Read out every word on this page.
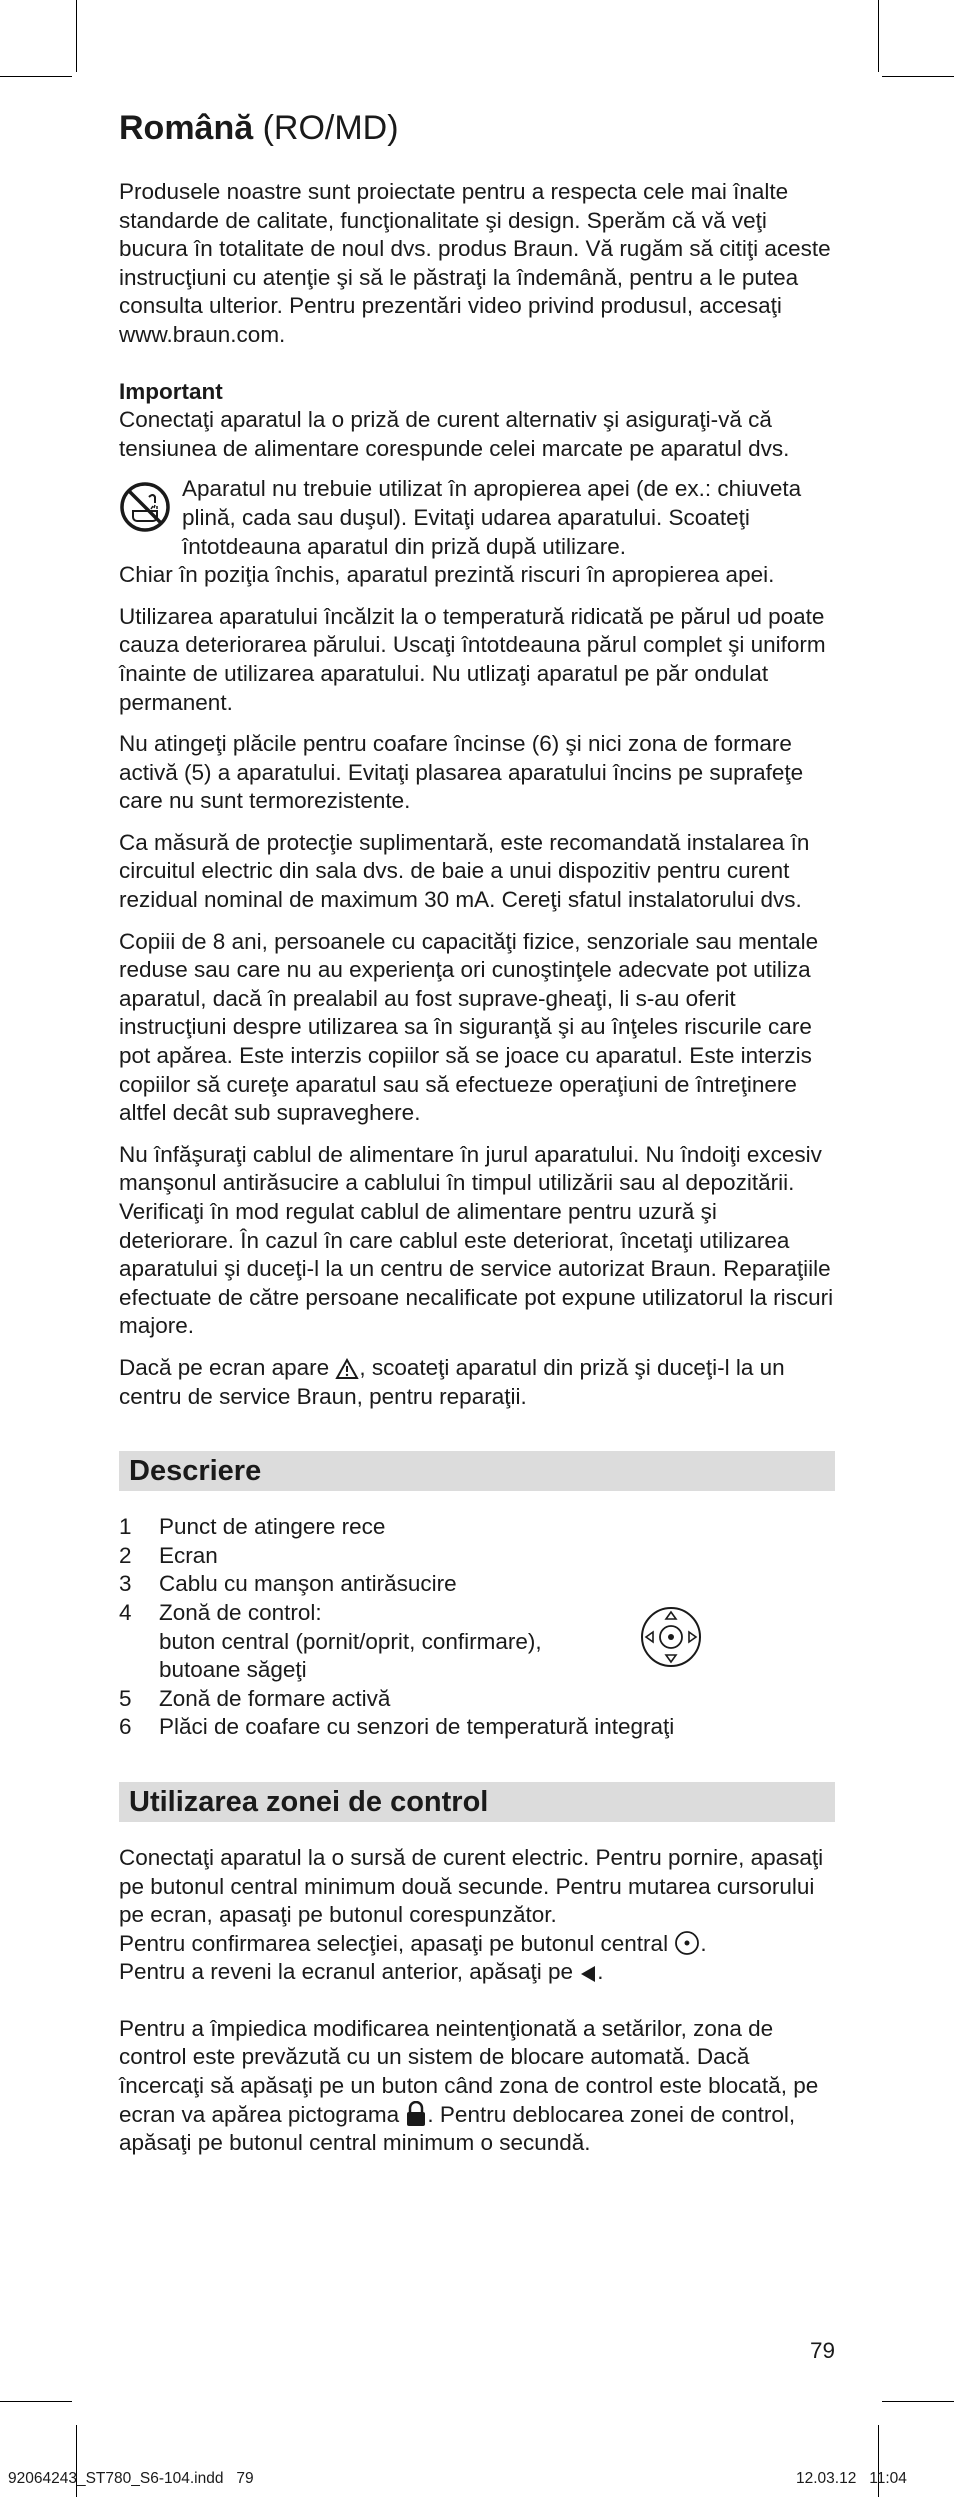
Română (RO/MD)

Produsele noastre sunt proiectate pentru a respecta cele mai înalte standarde de calitate, funcţionalitate şi design. Sperăm că vă veţi bucura în totalitate de noul dvs. produs Braun. Vă rugăm să citiţi aceste instrucţiuni cu atenţie şi să le păstraţi la îndemână, pentru a le putea consulta ulterior. Pentru prezentări video privind produsul, accesaţi www.braun.com.

Important

Conectaţi aparatul la o priză de curent alternativ şi asiguraţi-vă că tensiunea de alimentare corespunde celei marcate pe aparatul dvs.

Aparatul nu trebuie utilizat în apropierea apei (de ex.: chiuveta plină, cada sau duşul). Evitaţi udarea aparatului. Scoateţi întotdeauna aparatul din priză după utilizare.

Chiar în poziţia închis, aparatul prezintă riscuri în apropierea apei.

Utilizarea aparatului încălzit la o temperatură ridicată pe părul ud poate cauza deteriorarea părului. Uscaţi întotdeauna părul complet şi uniform înainte de utilizarea aparatului. Nu utlizaţi aparatul pe păr ondulat permanent.

Nu atingeţi plăcile pentru coafare încinse (6) şi nici zona de formare activă (5) a aparatului. Evitaţi plasarea aparatului încins pe suprafeţe care nu sunt termorezistente.

Ca măsură de protecţie suplimentară, este recomandată instalarea în circuitul electric din sala dvs. de baie a unui dispozitiv pentru curent rezidual nominal de maximum 30 mA. Cereţi sfatul instalatorului dvs.

Copiii de 8 ani, persoanele cu capacităţi fizice, senzoriale sau mentale reduse sau care nu au experienţa ori cunoştinţele adecvate pot utiliza aparatul, dacă în prealabil au fost suprave-gheaţi, li s-au oferit instrucţiuni despre utilizarea sa în siguranţă şi au înţeles riscurile care pot apărea. Este interzis copiilor să se joace cu aparatul. Este interzis copiilor să cureţe aparatul sau să efectueze operaţiuni de întreţinere altfel decât sub supraveghere.

Nu înfăşuraţi cablul de alimentare în jurul aparatului. Nu îndoiţi excesiv manşonul antirăsucire a cablului în timpul utilizării sau al depozitării.

Verificaţi în mod regulat cablul de alimentare pentru uzură şi deteriorare. În cazul în care cablul este deteriorat, încetaţi utilizarea aparatului şi duceţi-l la un centru de service autorizat Braun. Reparaţiile efectuate de către persoane necalificate pot expune utilizatorul la riscuri majore.

Dacă pe ecran apare , scoateţi aparatul din priză şi duceţi-l la un centru de service Braun, pentru reparaţii.

Descriere
1	Punct de atingere rece
2	Ecran
3	Cablu cu manşon antirăsucire
4	Zonă de control:
buton central (pornit/oprit, confirmare),
butoane săgeţi
5	Zonă de formare activă
6	Plăci de coafare cu senzori de temperatură integraţi
Utilizarea zonei de control

Conectaţi aparatul la o sursă de curent electric. Pentru pornire, apasaţi pe butonul central minimum două secunde. Pentru mutarea cursorului pe ecran, apasaţi pe butonul corespunzător.

Pentru confirmarea selecţiei, apasaţi pe butonul central .

Pentru a reveni la ecranul anterior, apăsaţi pe .

Pentru a împiedica modificarea neintenţionată a setărilor, zona de control este prevăzută cu un sistem de blocare automată. Dacă încercaţi să apăsaţi pe un buton când zona de control este blocată, pe ecran va apărea pictograma . Pentru deblocarea zonei de control, apăsaţi pe butonul central minimum o secundă.

79
92064243_ST780_S6-104.indd   79	12.03.12   11:04
